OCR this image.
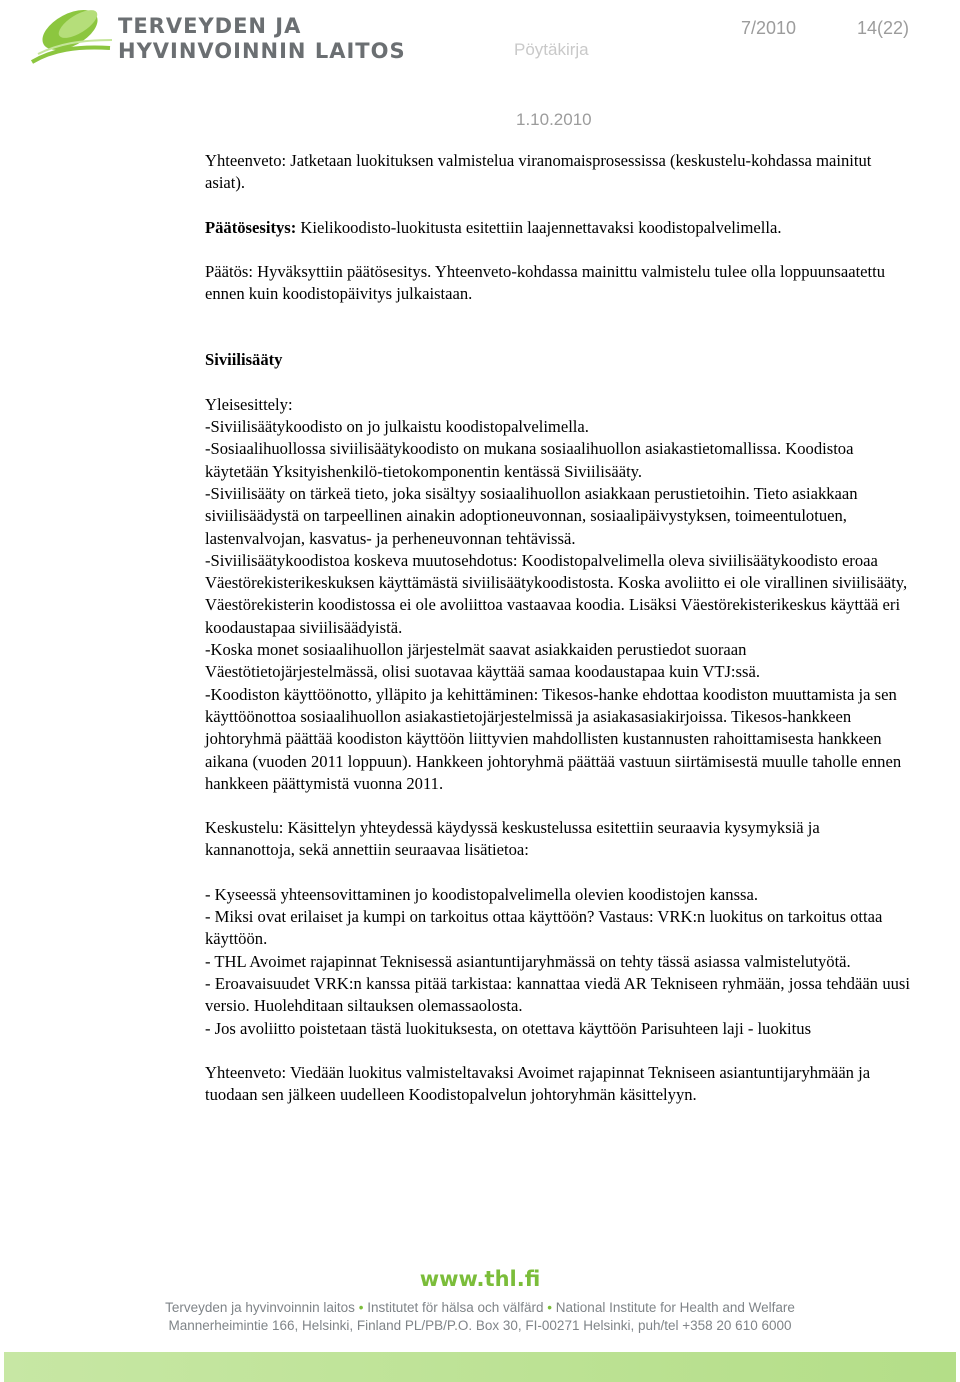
TERVEYDEN JA
HYVINVOINNIN LAITOS	Pöytäkirja
7/2010	14(22)
1.10.2010

Yhteenveto: Jatketaan luokituksen valmistelua viranomaisprosessissa (keskustelu-kohdassa mainitut asiat).

Päätösesitys: Kielikoodisto-luokitusta esitettiin laajennettavaksi koodistopalvelimella.

Päätös: Hyväksyttiin päätösesitys. Yhteenveto-kohdassa mainittu valmistelu tulee olla loppuunsaatettu ennen kuin koodistopäivitys julkaistaan.

Siviilisääty

Yleisesittely:

-Siviilisäätykoodisto on jo julkaistu koodistopalvelimella.

-Sosiaalihuollossa siviilisäätykoodisto on mukana sosiaalihuollon asiakastietomallissa. Koodistoa käytetään Yksityishenkilö-tietokomponentin kentässä Siviilisääty.

-Siviilisääty on tärkeä tieto, joka sisältyy sosiaalihuollon asiakkaan perustietoihin. Tieto asiakkaan siviilisäädystä on tarpeellinen ainakin adoptioneuvonnan, sosiaalipäivystyksen, toimeentulotuen, lastenvalvojan, kasvatus- ja perheneuvonnan tehtävissä.

-Siviilisäätykoodistoa koskeva muutosehdotus: Koodistopalvelimella oleva siviilisäätykoodisto eroaa Väestörekisterikeskuksen käyttämästä siviilisäätykoodistosta. Koska avoliitto ei ole virallinen siviilisääty, Väestörekisterin koodistossa ei ole avoliittoa vastaavaa koodia. Lisäksi Väestörekisterikeskus käyttää eri koodaustapaa siviilisäädyistä.

-Koska monet sosiaalihuollon järjestelmät saavat asiakkaiden perustiedot suoraan Väestötietojärjestelmässä, olisi suotavaa käyttää samaa koodaustapaa kuin VTJ:ssä.

-Koodiston käyttöönotto, ylläpito ja kehittäminen: Tikesos-hanke ehdottaa koodiston muuttamista ja sen käyttöönottoa sosiaalihuollon asiakastietojärjestelmissä ja asiakasasiakirjoissa. Tikesos-hankkeen johtoryhmä päättää koodiston käyttöön liittyvien mahdollisten kustannusten rahoittamisesta hankkeen aikana (vuoden 2011 loppuun). Hankkeen johtoryhmä päättää vastuun siirtämisestä muulle taholle ennen hankkeen päättymistä vuonna 2011.

Keskustelu: Käsittelyn yhteydessä käydyssä keskustelussa esitettiin seuraavia kysymyksiä ja kannanottoja, sekä annettiin seuraavaa lisätietoa:

- Kyseessä yhteensovittaminen jo koodistopalvelimella olevien koodistojen kanssa.

- Miksi ovat erilaiset ja kumpi on tarkoitus ottaa käyttöön? Vastaus: VRK:n luokitus on tarkoitus ottaa käyttöön.

- THL Avoimet rajapinnat Teknisessä asiantuntijaryhmässä on tehty tässä asiassa valmistelutyötä.

- Eroavaisuudet VRK:n kanssa pitää tarkistaa: kannattaa viedä AR Tekniseen ryhmään, jossa tehdään uusi versio. Huolehditaan siltauksen olemassaolosta.

- Jos avoliitto poistetaan tästä luokituksesta, on otettava käyttöön Parisuhteen laji - luokitus

Yhteenveto: Viedään luokitus valmisteltavaksi Avoimet rajapinnat Tekniseen asiantuntijaryhmään ja tuodaan sen jälkeen uudelleen Koodistopalvelun johtoryhmän käsittelyyn.

www.thl.fi
Terveyden ja hyvinvoinnin laitos • Institutet för hälsa och välfärd • National Institute for Health and Welfare
Mannerheimintie 166, Helsinki, Finland PL/PB/P.O. Box 30, FI-00271 Helsinki, puh/tel +358 20 610 6000
